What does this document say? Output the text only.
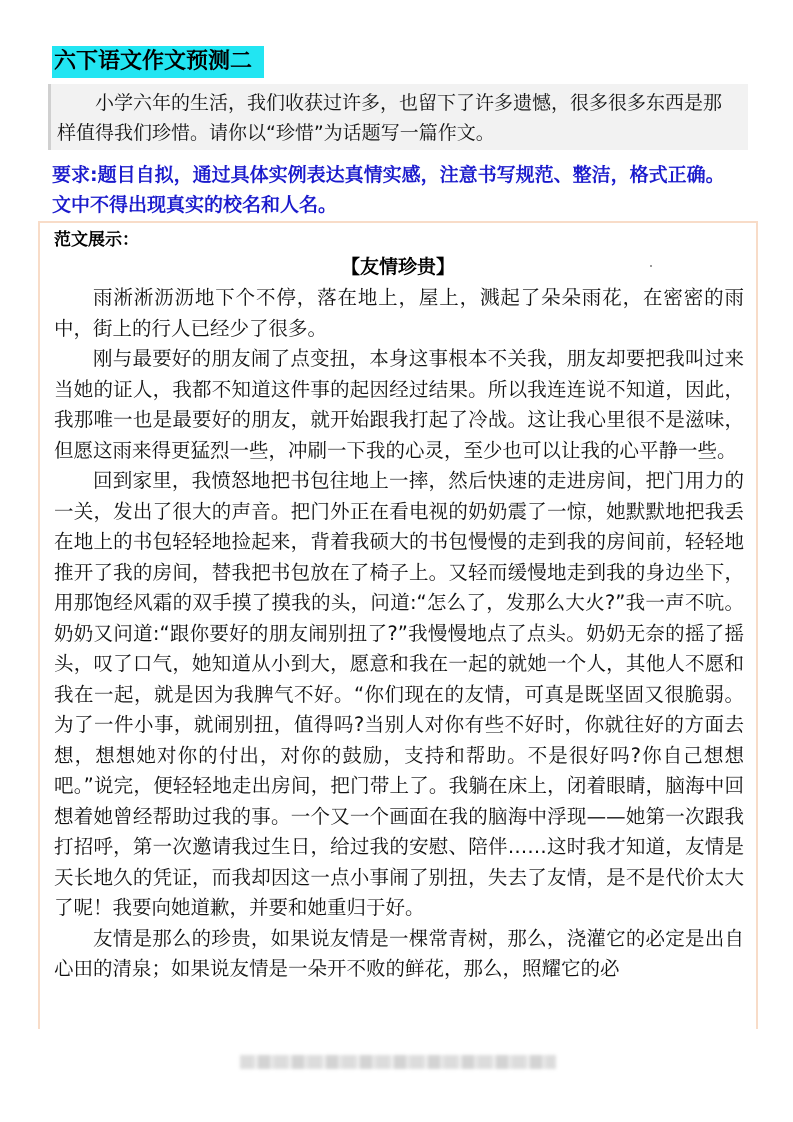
六下语文作文预测二
小学六年的生活，我们收获过许多，也留下了许多遗憾，很多很多东西是那样值得我们珍惜。请你以“珍惜”为话题写一篇作文。
要求:题目自拟，通过具体实例表达真情实感，注意书写规范、整洁，格式正确。文中不得出现真实的校名和人名。
范文展示：
【友情珍贵】

雨淅淅沥沥地下个不停，落在地上，屋上，溅起了朵朵雨花，在密密的雨中，街上的行人已经少了很多。

刚与最要好的朋友闹了点变扭，本身这事根本不关我，朋友却要把我叫过来当她的证人，我都不知道这件事的起因经过结果。所以我连连说不知道，因此，我那唯一也是最要好的朋友，就开始跟我打起了冷战。这让我心里很不是滋味，但愿这雨来得更猛烈一些，冲刷一下我的心灵，至少也可以让我的心平静一些。

回到家里，我愤怒地把书包往地上一摔，然后快速的走进房间，把门用力的一关，发出了很大的声音。把门外正在看电视的奶奶震了一惊，她默默地把我丢在地上的书包轻轻地捡起来，背着我硕大的书包慢慢的走到我的房间前，轻轻地推开了我的房间，替我把书包放在了椅子上。又轻而缓慢地走到我的身边坐下，用那饱经风霜的双手摸了摸我的头，问道:“怎么了，发那么大火?”我一声不吭。奶奶又问道:“跟你要好的朋友闹别扭了?”我慢慢地点了点头。奶奶无奈的摇了摇头，叹了口气，她知道从小到大，愿意和我在一起的就她一个人，其他人不愿和我在一起，就是因为我脾气不好。“你们现在的友情，可真是既坚固又很脆弱。为了一件小事，就闹别扭，值得吗?当别人对你有些不好时，你就往好的方面去想，想想她对你的付出，对你的鼓励，支持和帮助。不是很好吗?你自己想想吧。”说完，便轻轻地走出房间，把门带上了。我躺在床上，闭着眼睛，脑海中回想着她曾经帮助过我的事。一个又一个画面在我的脑海中浮现——她第一次跟我打招呼，第一次邀请我过生日，给过我的安慰、陪伴……这时我才知道，友情是天长地久的凭证，而我却因这一点小事闹了别扭，失去了友情，是不是代价太大了呢！我要向她道歉，并要和她重归于好。

友情是那么的珍贵，如果说友情是一棵常青树，那么，浇灌它的必定是出自心田的清泉；如果说友情是一朵开不败的鲜花，那么，照耀它的必
